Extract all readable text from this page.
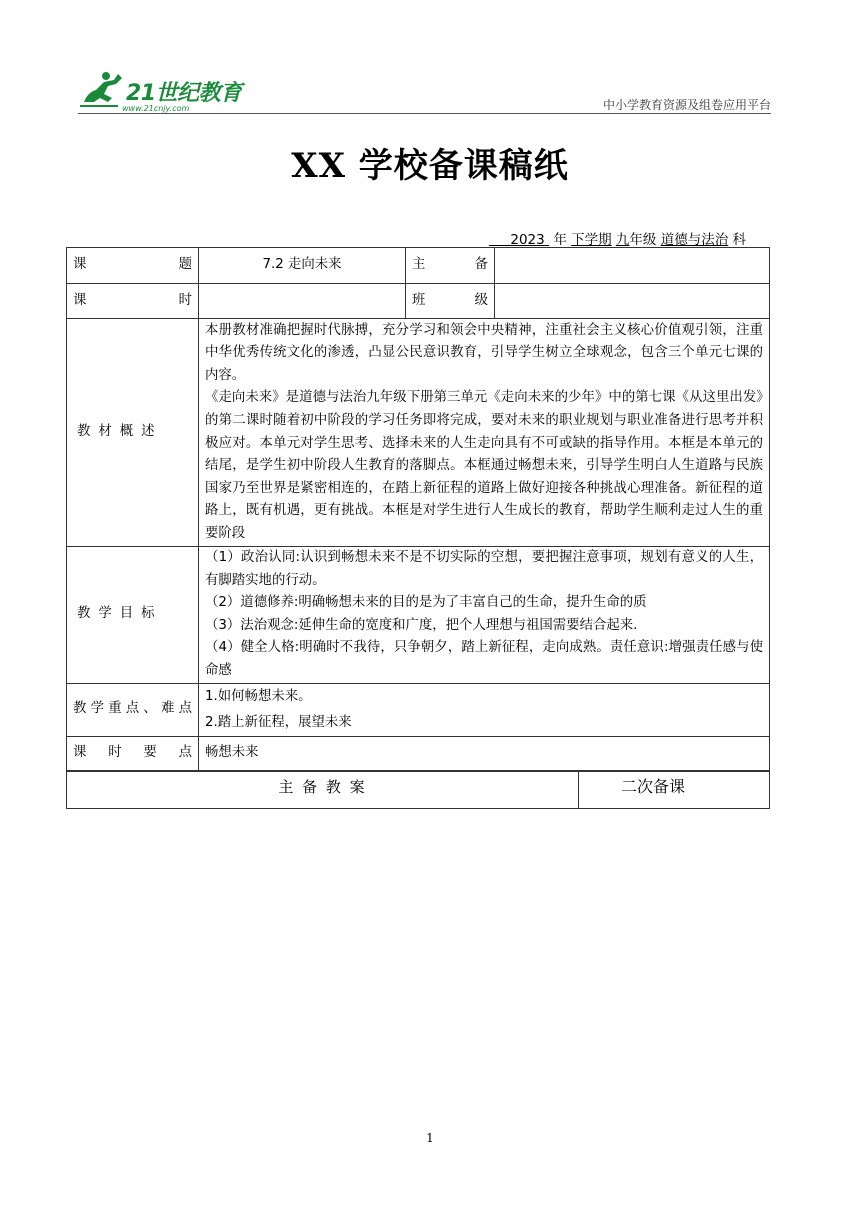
21世纪教育
www.21cnjy.com	中小学教育资源及组卷应用平台
XX 学校备课稿纸
2023 年 下学期 九年级 道德与法治 科
课题	7.2 走向未来	主备	
课时		班级	
教材概述	本册教材准确把握时代脉搏，充分学习和领会中央精神，注重社会主义核心价值观引领，注重中华优秀传统文化的渗透，凸显公民意识教育，引导学生树立全球观念，包含三个单元七课的内容。

《走向未来》是道德与法治九年级下册第三单元《走向未来的少年》中的第七课《从这里出发》的第二课时随着初中阶段的学习任务即将完成，要对未来的职业规划与职业准备进行思考并积极应对。本单元对学生思考、选择未来的人生走向具有不可或缺的指导作用。本框是本单元的结尾，是学生初中阶段人生教育的落脚点。本框通过畅想未来，引导学生明白人生道路与民族国家乃至世界是紧密相连的，在踏上新征程的道路上做好迎接各种挑战心理准备。新征程的道路上，既有机遇，更有挑战。本框是对学生进行人生成长的教育，帮助学生顺利走过人生的重要阶段		

教学目标	（1）政治认同:认识到畅想未来不是不切实际的空想，要把握注意事项，规划有意义的人生，有脚踏实地的行动。

（2）道德修养:明确畅想未来的目的是为了丰富自己的生命，提升生命的质

（3）法治观念:延伸生命的宽度和广度，把个人理想与祖国需要结合起来.

（4）健全人格:明确时不我待，只争朝夕，踏上新征程，走向成熟。责任意识:增强责任感与使命感		

教学重点、难点	1.如何畅想未来。

2.踏上新征程，展望未来		

课时要点	畅想未来		
主 备 教 案	二次备课
1
